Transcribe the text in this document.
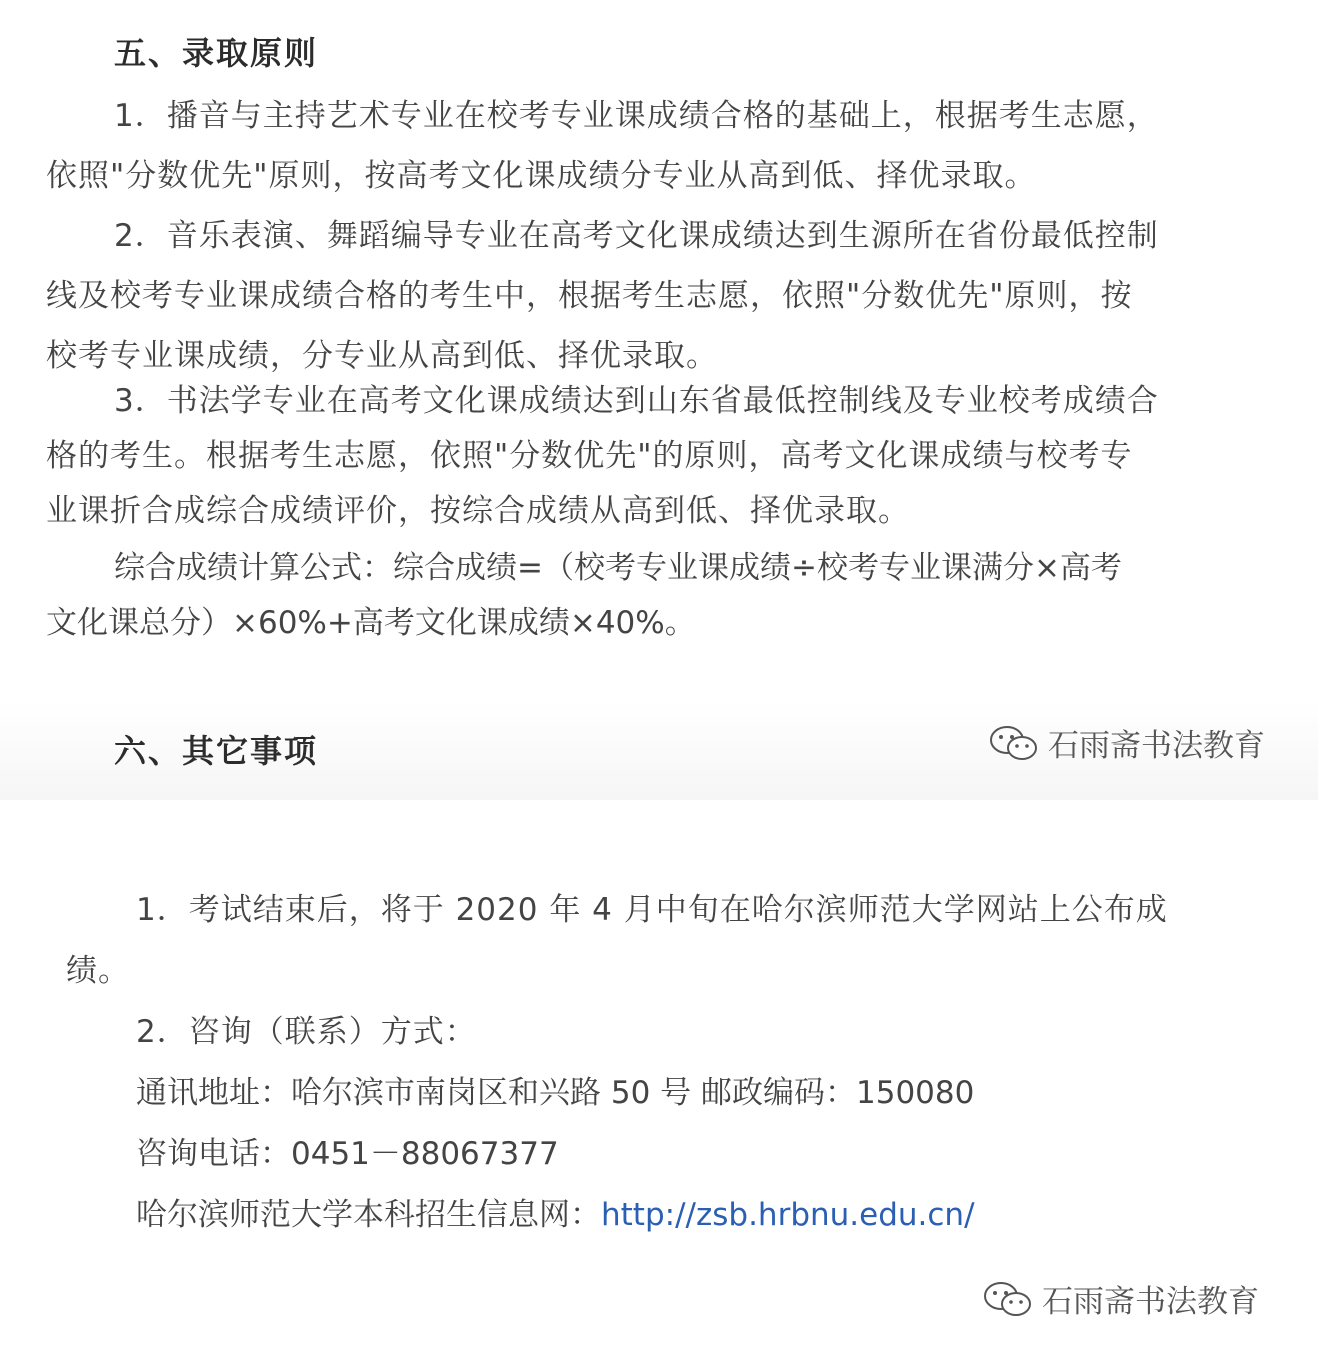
五、录取原则
1．播音与主持艺术专业在校考专业课成绩合格的基础上，根据考生志愿，
依照"分数优先"原则，按高考文化课成绩分专业从高到低、择优录取。
2．音乐表演、舞蹈编导专业在高考文化课成绩达到生源所在省份最低控制
线及校考专业课成绩合格的考生中，根据考生志愿，依照"分数优先"原则，按
校考专业课成绩，分专业从高到低、择优录取。
3．书法学专业在高考文化课成绩达到山东省最低控制线及专业校考成绩合
格的考生。根据考生志愿，依照"分数优先"的原则，高考文化课成绩与校考专
业课折合成综合成绩评价，按综合成绩从高到低、择优录取。
综合成绩计算公式：综合成绩=（校考专业课成绩÷校考专业课满分×高考
文化课总分）×60%+高考文化课成绩×40%。
六、其它事项	石雨斋书法教育
1．考试结束后，将于 2020 年 4 月中旬在哈尔滨师范大学网站上公布成
绩。
2．咨询（联系）方式：
通讯地址：哈尔滨市南岗区和兴路 50 号 邮政编码：150080
咨询电话：0451－88067377
哈尔滨师范大学本科招生信息网：http://zsb.hrbnu.edu.cn/
石雨斋书法教育
